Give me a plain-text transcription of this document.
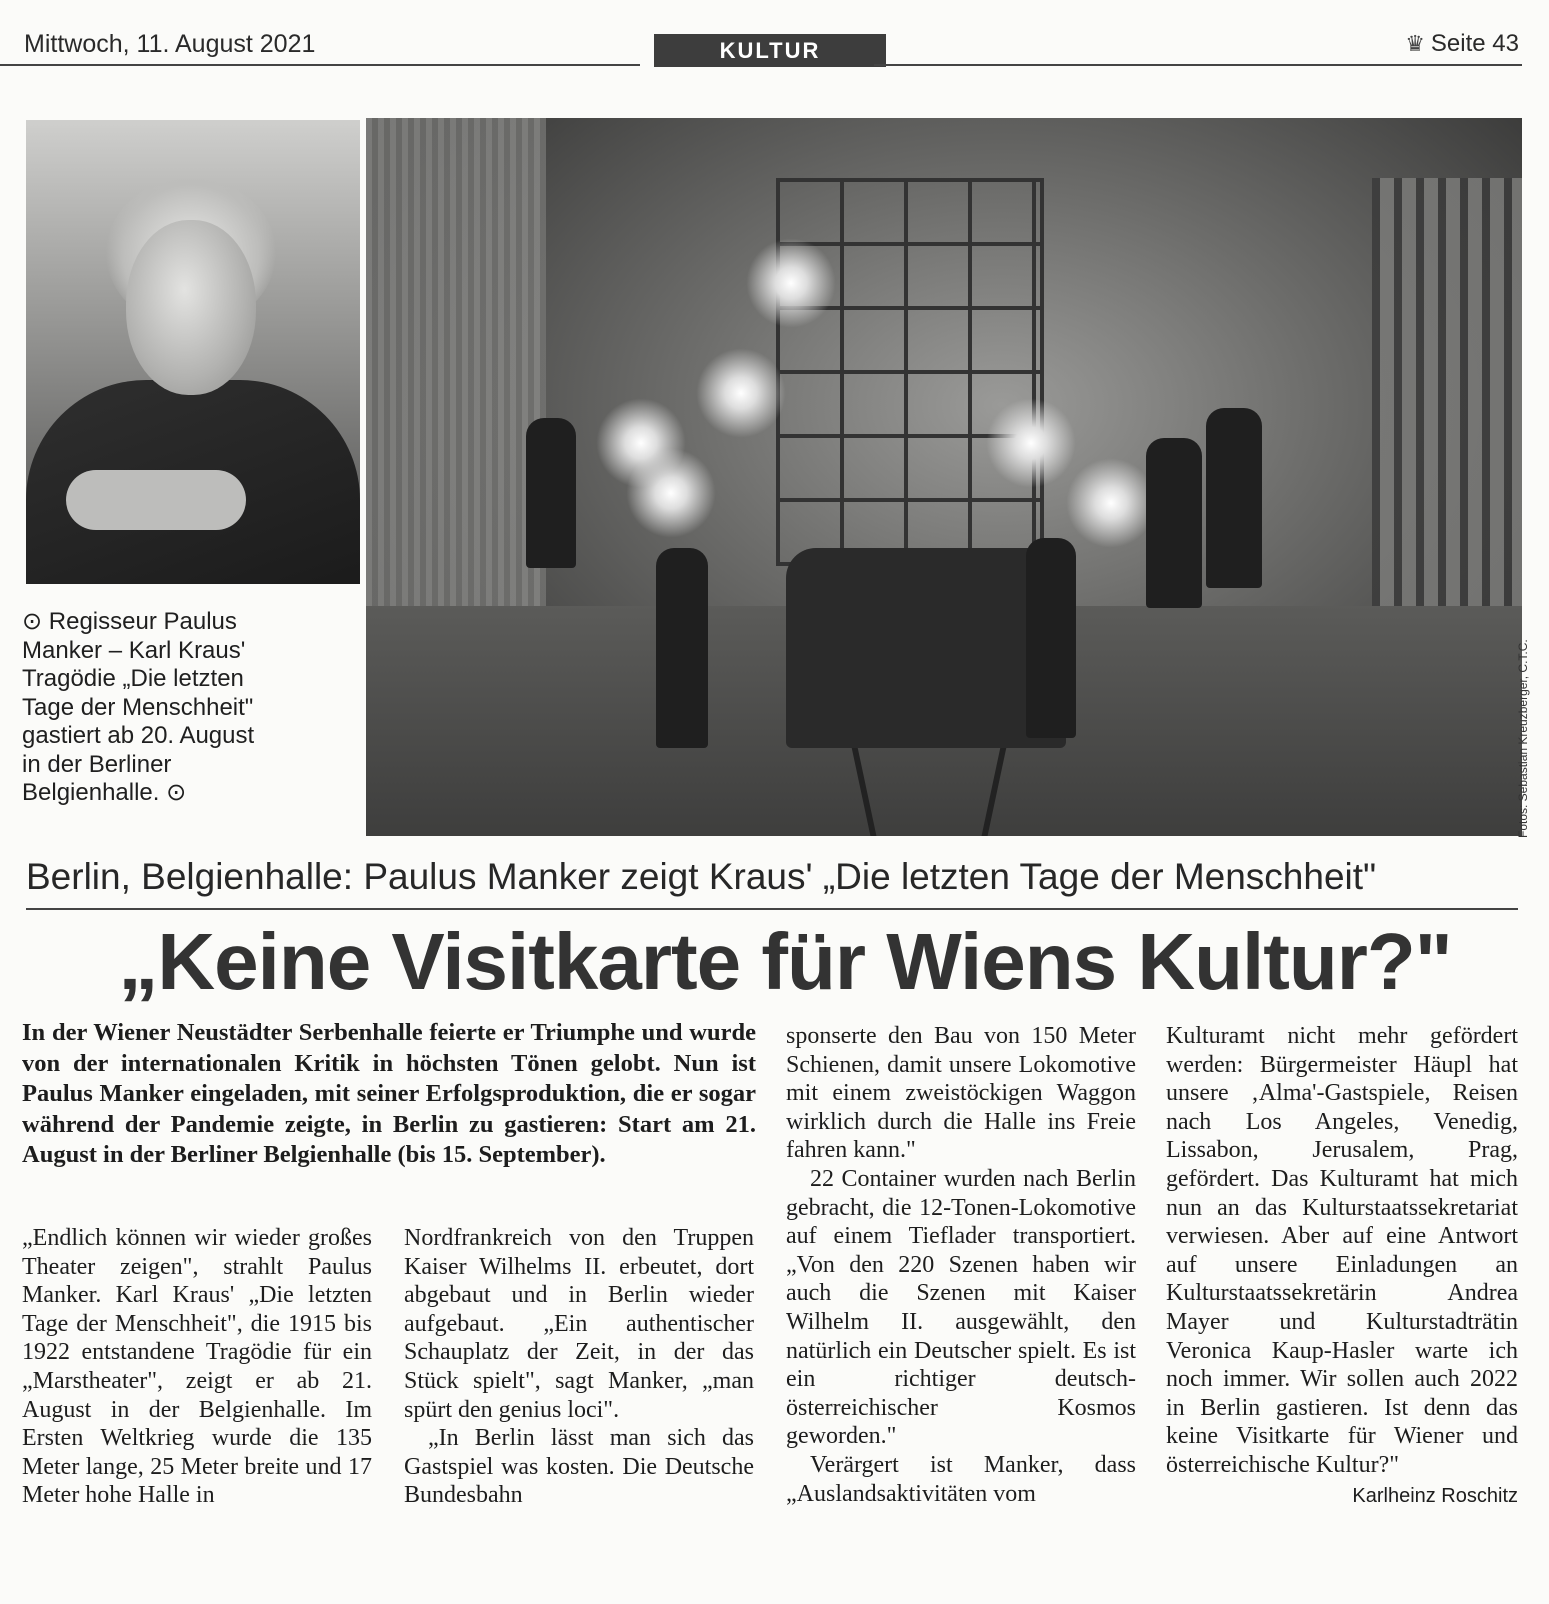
Mittwoch, 11. August 2021	KULTUR	♛ Seite 43
Fotos: Sebastian Kreuzberger, C.T.C.
⊙ Regisseur Paulus Manker – Karl Kraus' Tragödie „Die letzten Tage der Menschheit" gastiert ab 20. August in der Berliner Belgienhalle. ⊙
Berlin, Belgienhalle: Paulus Manker zeigt Kraus' „Die letzten Tage der Menschheit"
„Keine Visitkarte für Wiens Kultur?"
In der Wiener Neustädter Serbenhalle feierte er Triumphe und wurde von der internationalen Kritik in höchsten Tönen gelobt. Nun ist Paulus Manker eingeladen, mit seiner Erfolgsproduktion, die er sogar während der Pandemie zeigte, in Berlin zu gastieren: Start am 21. August in der Berliner Belgienhalle (bis 15. September).

„Endlich können wir wieder großes Theater zeigen", strahlt Paulus Manker. Karl Kraus' „Die letzten Tage der Menschheit", die 1915 bis 1922 entstandene Tragödie für ein „Marstheater", zeigt er ab 21. August in der Belgienhalle. Im Ersten Weltkrieg wurde die 135 Meter lange, 25 Meter breite und 17 Meter hohe Halle in

Nordfrankreich von den Truppen Kaiser Wilhelms II. erbeutet, dort abgebaut und in Berlin wieder aufgebaut. „Ein authentischer Schauplatz der Zeit, in der das Stück spielt", sagt Manker, „man spürt den genius loci".

„In Berlin lässt man sich das Gastspiel was kosten. Die Deutsche Bundesbahn

sponserte den Bau von 150 Meter Schienen, damit unsere Lokomotive mit einem zweistöckigen Waggon wirklich durch die Halle ins Freie fahren kann."

22 Container wurden nach Berlin gebracht, die 12-Tonen-Lokomotive auf einem Tieflader transportiert. „Von den 220 Szenen haben wir auch die Szenen mit Kaiser Wilhelm II. ausgewählt, den natürlich ein Deutscher spielt. Es ist ein richtiger deutsch-österreichischer Kosmos geworden."

Verärgert ist Manker, dass „Auslandsaktivitäten vom

Kulturamt nicht mehr gefördert werden: Bürgermeister Häupl hat unsere ‚Alma'-Gastspiele, Reisen nach Los Angeles, Venedig, Lissabon, Jerusalem, Prag, gefördert. Das Kulturamt hat mich nun an das Kulturstaatssekretariat verwiesen. Aber auf eine Antwort auf unsere Einladungen an Kulturstaatssekretärin Andrea Mayer und Kulturstadträtin Veronica Kaup-Hasler warte ich noch immer. Wir sollen auch 2022 in Berlin gastieren. Ist denn das keine Visitkarte für Wiener und österreichische Kultur?"

Karlheinz Roschitz
